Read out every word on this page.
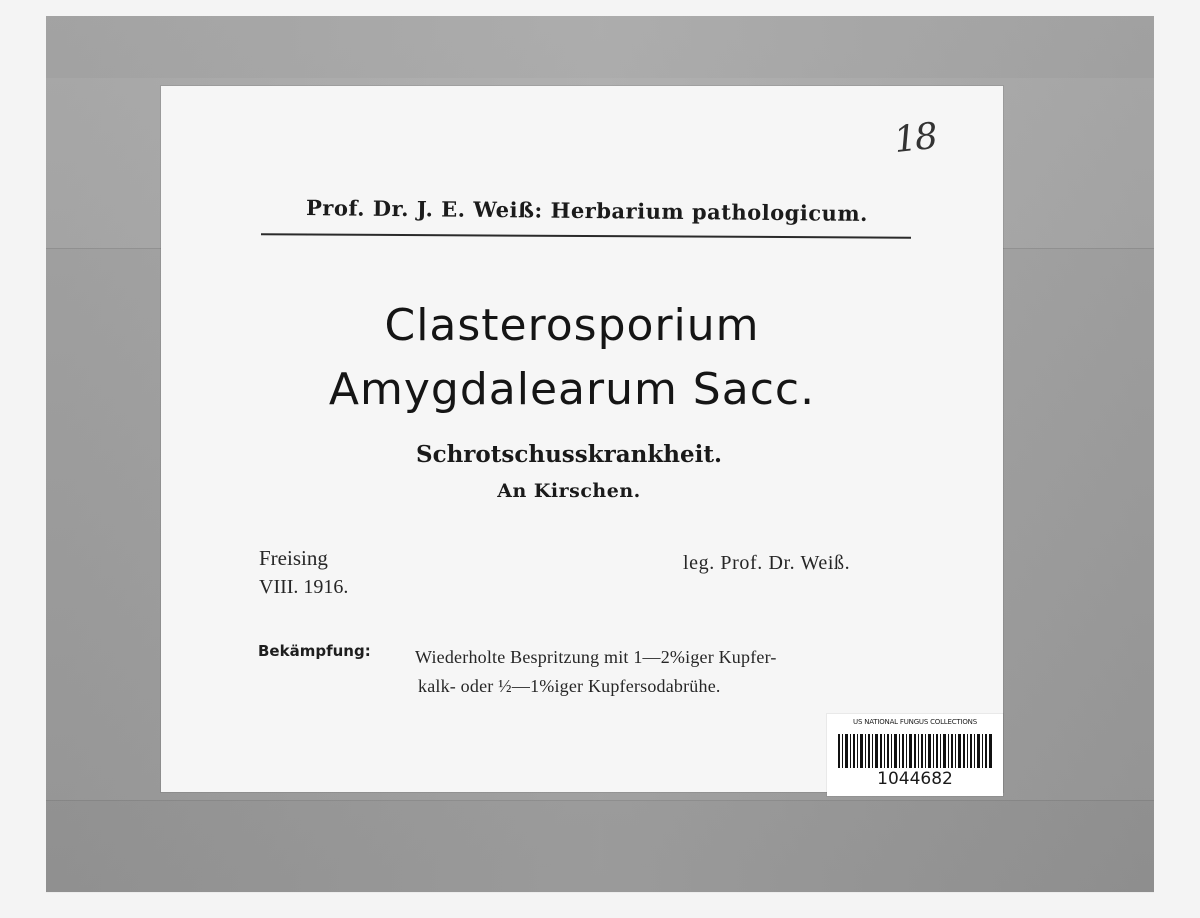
18
Prof. Dr. J. E. Weiß: Herbarium pathologicum.
Clasterosporium
Amygdalearum Sacc.
Schrotschusskrankheit.
An Kirschen.
Freising
VIII. 1916.
leg. Prof. Dr. Weiß.
Bekämpfung: Wiederholte Bespritzung mit 1—2%iger Kupfer-
kalk- oder ½—1%iger Kupfersodabrühe.
US NATIONAL FUNGUS COLLECTIONS
1044682
